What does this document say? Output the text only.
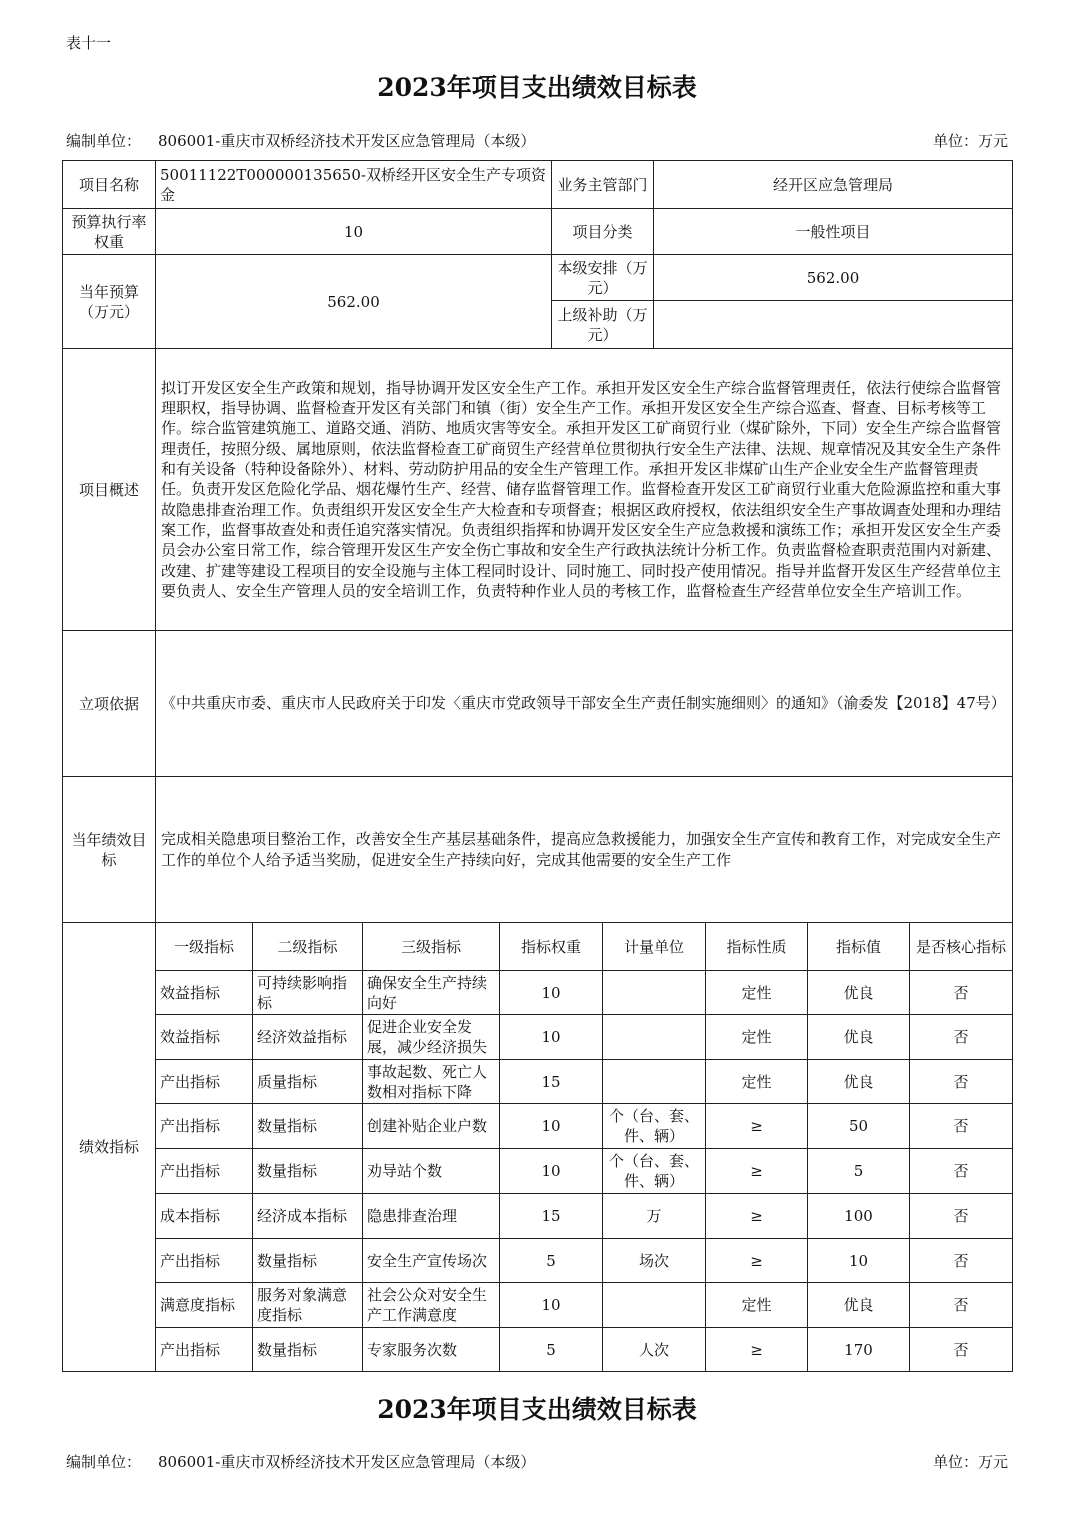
表十一
2023年项目支出绩效目标表
编制单位： 806001-重庆市双桥经济技术开发区应急管理局（本级）	单位：万元
项目名称	50011122T000000135650-双桥经开区安全生产专项资金	业务主管部门	经开区应急管理局
预算执行率权重	10	项目分类	一般性项目
当年预算（万元）	562.00	本级安排（万元）	562.00
		上级补助（万元）	
项目概述	拟订开发区安全生产政策和规划，指导协调开发区安全生产工作。承担开发区安全生产综合监督管理责任，依法行使综合监督管理职权，指导协调、监督检查开发区有关部门和镇（街）安全生产工作。承担开发区安全生产综合巡查、督查、目标考核等工作。综合监管建筑施工、道路交通、消防、地质灾害等安全。承担开发区工矿商贸行业（煤矿除外，下同）安全生产综合监督管理责任，按照分级、属地原则，依法监督检查工矿商贸生产经营单位贯彻执行安全生产法律、法规、规章情况及其安全生产条件和有关设备（特种设备除外）、材料、劳动防护用品的安全生产管理工作。承担开发区非煤矿山生产企业安全生产监督管理责任。负责开发区危险化学品、烟花爆竹生产、经营、储存监督管理工作。监督检查开发区工矿商贸行业重大危险源监控和重大事故隐患排查治理工作。负责组织开发区安全生产大检查和专项督查；根据区政府授权，依法组织安全生产事故调查处理和办理结案工作，监督事故查处和责任追究落实情况。负责组织指挥和协调开发区安全生产应急救援和演练工作；承担开发区安全生产委员会办公室日常工作，综合管理开发区生产安全伤亡事故和安全生产行政执法统计分析工作。负责监督检查职责范围内对新建、改建、扩建等建设工程项目的安全设施与主体工程同时设计、同时施工、同时投产使用情况。指导并监督开发区生产经营单位主要负责人、安全生产管理人员的安全培训工作，负责特种作业人员的考核工作，监督检查生产经营单位安全生产培训工作。		
立项依据	《中共重庆市委、重庆市人民政府关于印发〈重庆市党政领导干部安全生产责任制实施细则〉的通知》（渝委发【2018】47号）		
当年绩效目标	完成相关隐患项目整治工作，改善安全生产基层基础条件，提高应急救援能力，加强安全生产宣传和教育工作，对完成安全生产工作的单位个人给予适当奖励，促进安全生产持续向好，完成其他需要的安全生产工作		
绩效指标	一级指标	二级指标	三级指标	指标权重	计量单位	指标性质	指标值	是否核心指标
	效益指标	可持续影响指标	确保安全生产持续向好	10		定性	优良	否
	效益指标	经济效益指标	促进企业安全发展，减少经济损失	10		定性	优良	否
	产出指标	质量指标	事故起数、死亡人数相对指标下降	15		定性	优良	否
	产出指标	数量指标	创建补贴企业户数	10	个（台、套、件、辆）	≥	50	否
	产出指标	数量指标	劝导站个数	10	个（台、套、件、辆）	≥	5	否
	成本指标	经济成本指标	隐患排查治理	15	万	≥	100	否
	产出指标	数量指标	安全生产宣传场次	5	场次	≥	10	否
	满意度指标	服务对象满意度指标	社会公众对安全生产工作满意度	10		定性	优良	否
	产出指标	数量指标	专家服务次数	5	人次	≥	170	否
2023年项目支出绩效目标表
编制单位： 806001-重庆市双桥经济技术开发区应急管理局（本级）	单位：万元
